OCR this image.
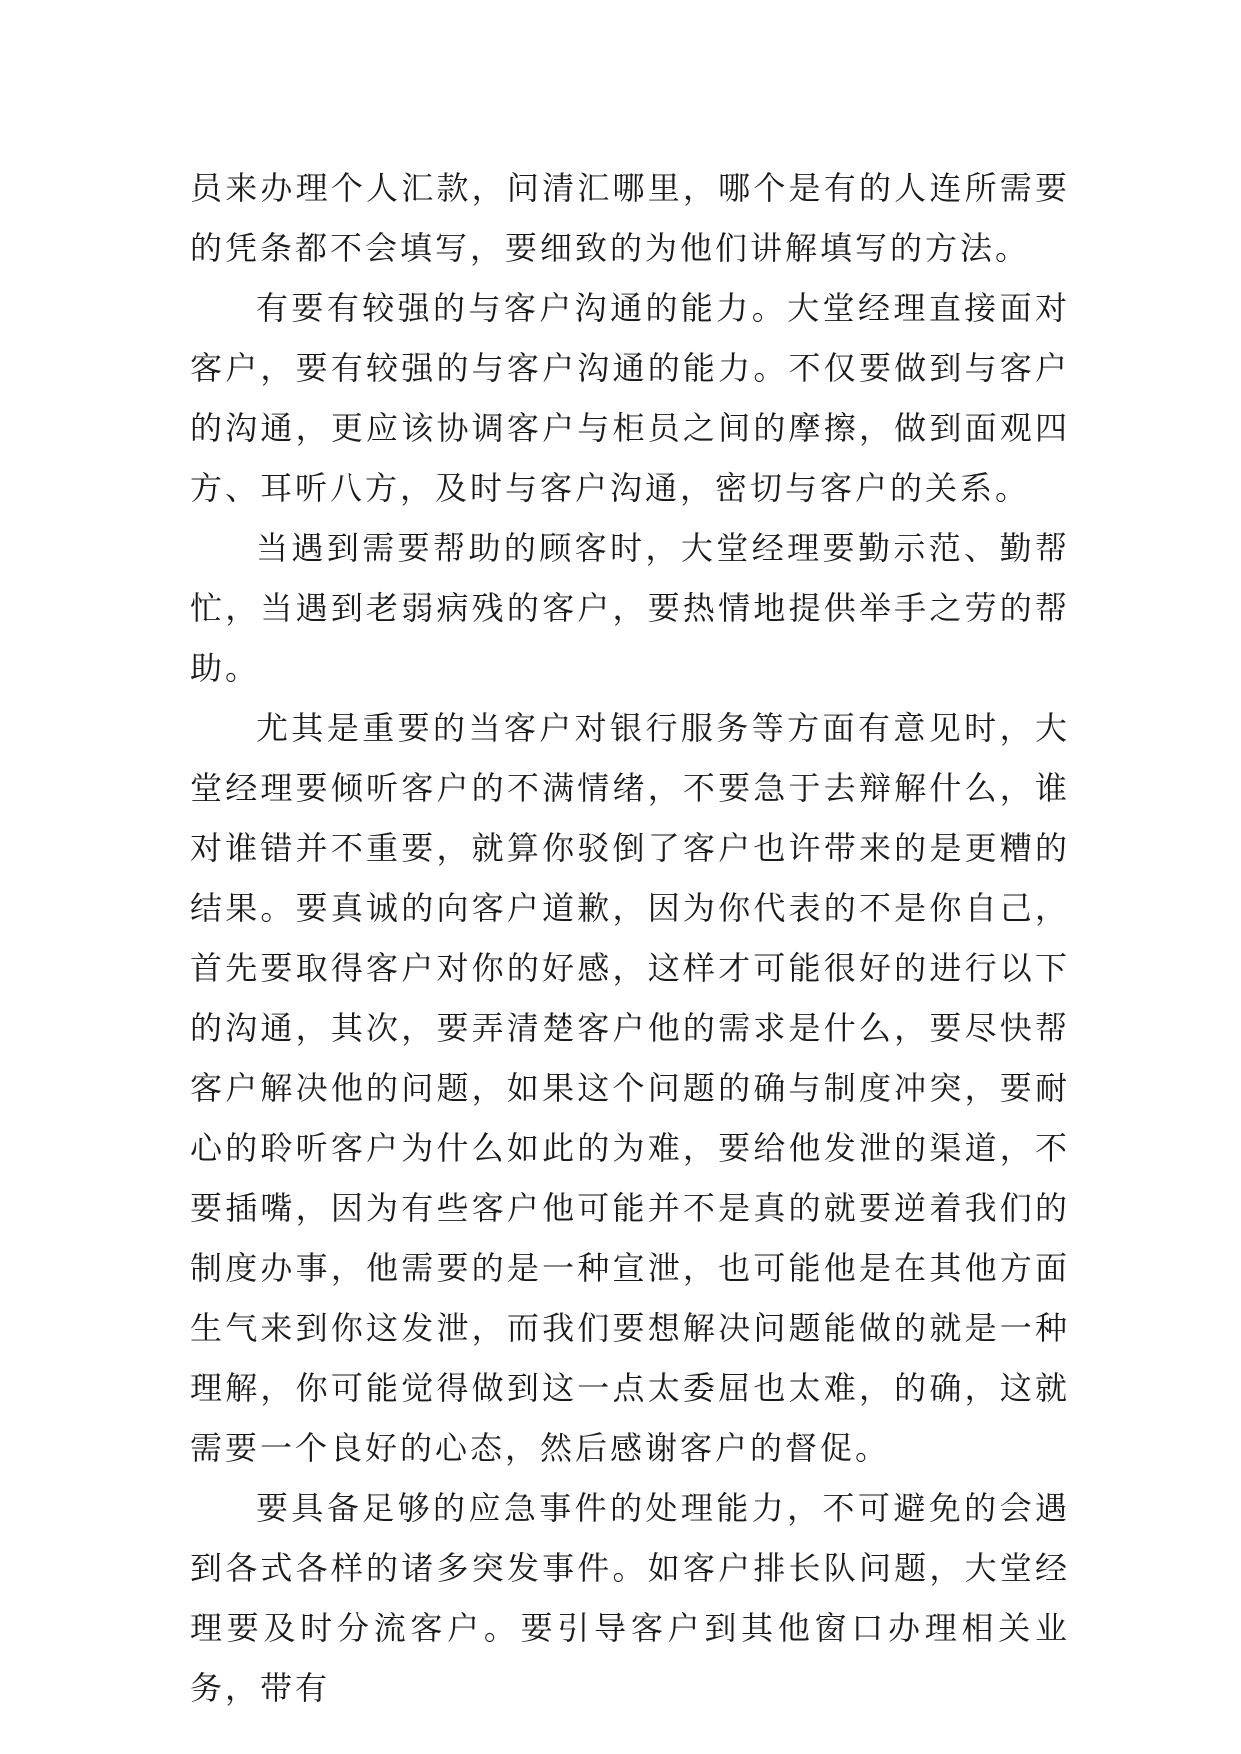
员来办理个人汇款，问清汇哪里，哪个是有的人连所需要的凭条都不会填写，要细致的为他们讲解填写的方法。

有要有较强的与客户沟通的能力。大堂经理直接面对客户，要有较强的与客户沟通的能力。不仅要做到与客户的沟通，更应该协调客户与柜员之间的摩擦，做到面观四方、耳听八方，及时与客户沟通，密切与客户的关系。

当遇到需要帮助的顾客时，大堂经理要勤示范、勤帮忙，当遇到老弱病残的客户，要热情地提供举手之劳的帮助。

尤其是重要的当客户对银行服务等方面有意见时，大堂经理要倾听客户的不满情绪，不要急于去辩解什么，谁对谁错并不重要，就算你驳倒了客户也许带来的是更糟的结果。要真诚的向客户道歉，因为你代表的不是你自己，首先要取得客户对你的好感，这样才可能很好的进行以下的沟通，其次，要弄清楚客户他的需求是什么，要尽快帮客户解决他的问题，如果这个问题的确与制度冲突，要耐心的聆听客户为什么如此的为难，要给他发泄的渠道，不要插嘴，因为有些客户他可能并不是真的就要逆着我们的制度办事，他需要的是一种宣泄，也可能他是在其他方面生气来到你这发泄，而我们要想解决问题能做的就是一种理解，你可能觉得做到这一点太委屈也太难，的确，这就需要一个良好的心态，然后感谢客户的督促。

要具备足够的应急事件的处理能力，不可避免的会遇到各式各样的诸多突发事件。如客户排长队问题，大堂经理要及时分流客户。要引导客户到其他窗口办理相关业务，带有
